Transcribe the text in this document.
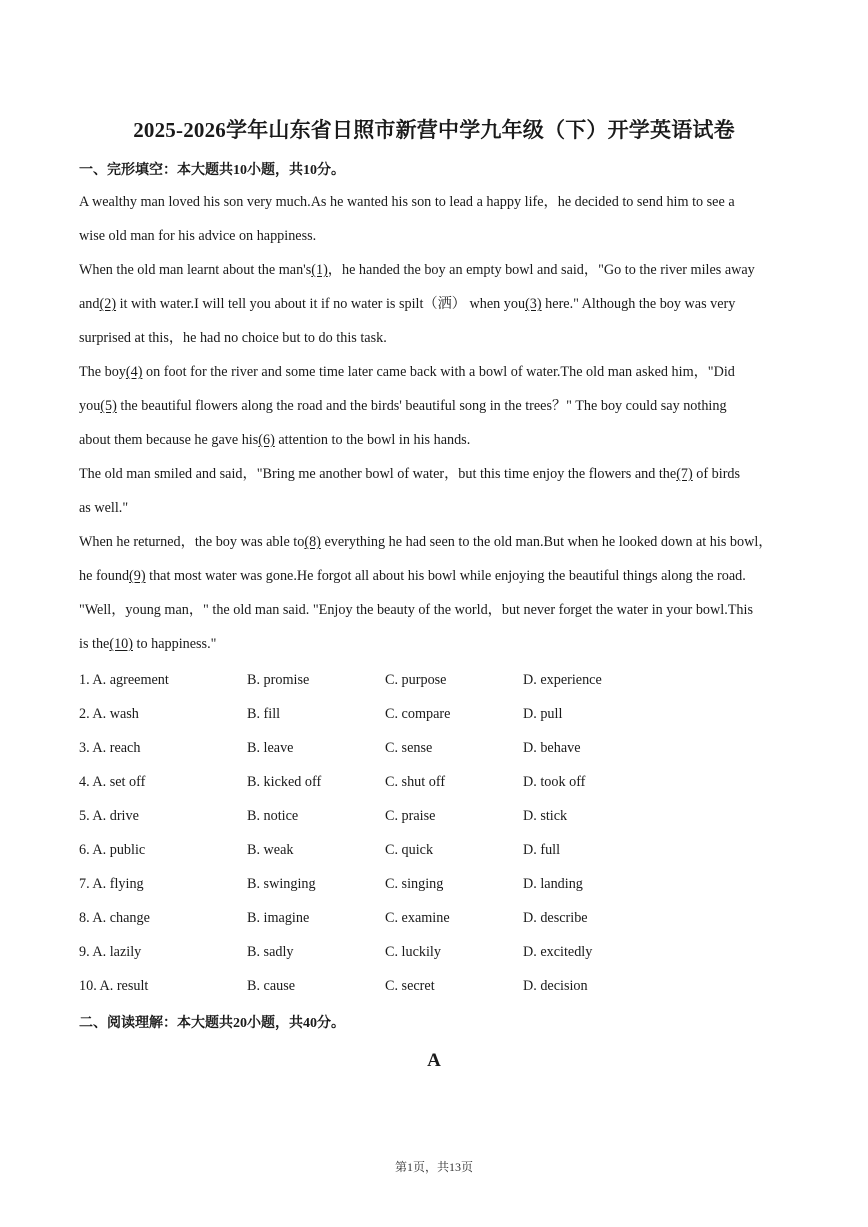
2025-2026学年山东省日照市新营中学九年级（下）开学英语试卷
一、完形填空：本大题共10小题，共10分。
A wealthy man loved his son very much.As he wanted his son to lead a happy life，he decided to send him to see a
wise old man for his advice on happiness.
When the old man learnt about the man's(1)，he handed the boy an empty bowl and said，"Go to the river miles away
and(2) it with water.I will tell you about it if no water is spilt（洒） when you(3) here." Although the boy was very
surprised at this，he had no choice but to do this task.
The boy(4) on foot for the river and some time later came back with a bowl of water.The old man asked him，"Did
you(5) the beautiful flowers along the road and the birds' beautiful song in the trees？" The boy could say nothing
about them because he gave his(6) attention to the bowl in his hands.
The old man smiled and said，"Bring me another bowl of water，but this time enjoy the flowers and the(7) of birds
as well."
When he returned，the boy was able to(8) everything he had seen to the old man.But when he looked down at his bowl，
he found(9) that most water was gone.He forgot all about his bowl while enjoying the beautiful things along the road.
"Well，young man，" the old man said. "Enjoy the beauty of the world，but never forget the water in your bowl.This
is the(10) to happiness."
1. A. agreement	B. promise	C. purpose	D. experience
2. A. wash	B. fill	C. compare	D. pull
3. A. reach	B. leave	C. sense	D. behave
4. A. set off	B. kicked off	C. shut off	D. took off
5. A. drive	B. notice	C. praise	D. stick
6. A. public	B. weak	C. quick	D. full
7. A. flying	B. swinging	C. singing	D. landing
8. A. change	B. imagine	C. examine	D. describe
9. A. lazily	B. sadly	C. luckily	D. excitedly
10. A. result	B. cause	C. secret	D. decision
二、阅读理解：本大题共20小题，共40分。
A
第1页，共13页
